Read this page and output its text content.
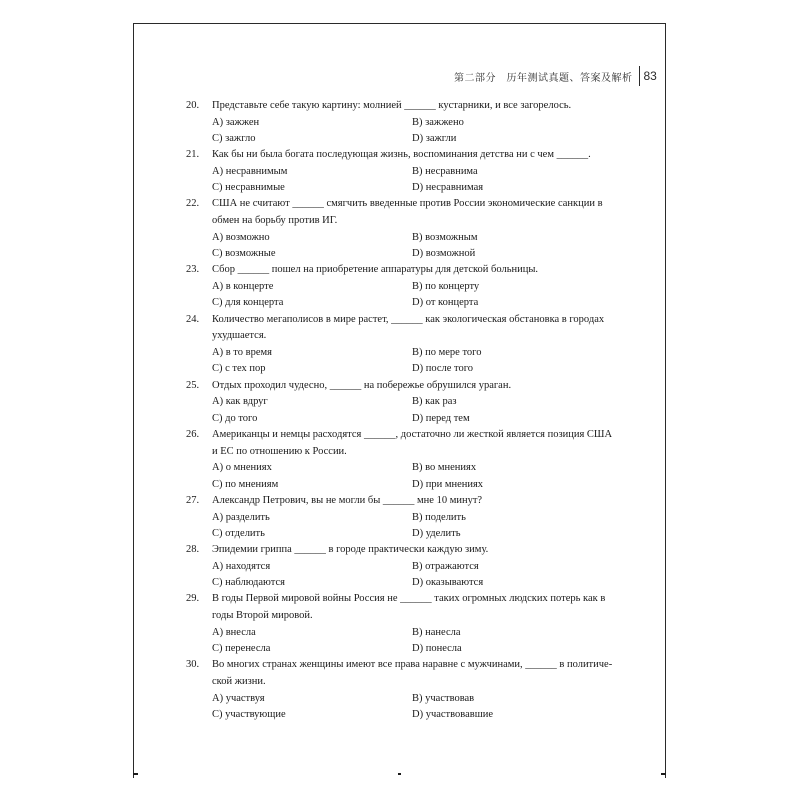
第二部分　历年测试真题、答案及解析 83
20.	Представьте себе такую картину: молнией ______ кустарники, и все загорелось.
A) зажжен	B) зажжено
C) зажгло	D) зажгли
21.	Как бы ни была богата последующая жизнь, воспоминания детства ни с чем ______.
A) несравнимым	B) несравнима
C) несравнимые	D) несравнимая
22.	США не считают ______ смягчить введенные против России экономические санкции в
обмен на борьбу против ИГ.
A) возможно	B) возможным
C) возможные	D) возможной
23.	Сбор ______ пошел на приобретение аппаратуры для детской больницы.
A) в концерте	B) по концерту
C) для концерта	D) от концерта
24.	Количество мегаполисов в мире растет, ______ как экологическая обстановка в городах
ухудшается.
A) в то время	B) по мере того
C) с тех пор	D) после того
25.	Отдых проходил чудесно, ______ на побережье обрушился ураган.
A) как вдруг	B) как раз
C) до того	D) перед тем
26.	Американцы и немцы расходятся ______, достаточно ли жесткой является позиция США
и ЕС по отношению к России.
A) о мнениях	B) во мнениях
C) по мнениям	D) при мнениях
27.	Александр Петрович, вы не могли бы ______ мне 10 минут?
A) разделить	B) поделить
C) отделить	D) уделить
28.	Эпидемии гриппа ______ в городе практически каждую зиму.
A) находятся	B) отражаются
C) наблюдаются	D) оказываются
29.	В годы Первой мировой войны Россия не ______ таких огромных людских потерь как в
годы Второй мировой.
A) внесла	B) нанесла
C) перенесла	D) понесла
30.	Во многих странах женщины имеют все права наравне с мужчинами, ______ в политиче-
ской жизни.
A) участвуя	B) участвовав
C) участвующие	D) участвовавшие
